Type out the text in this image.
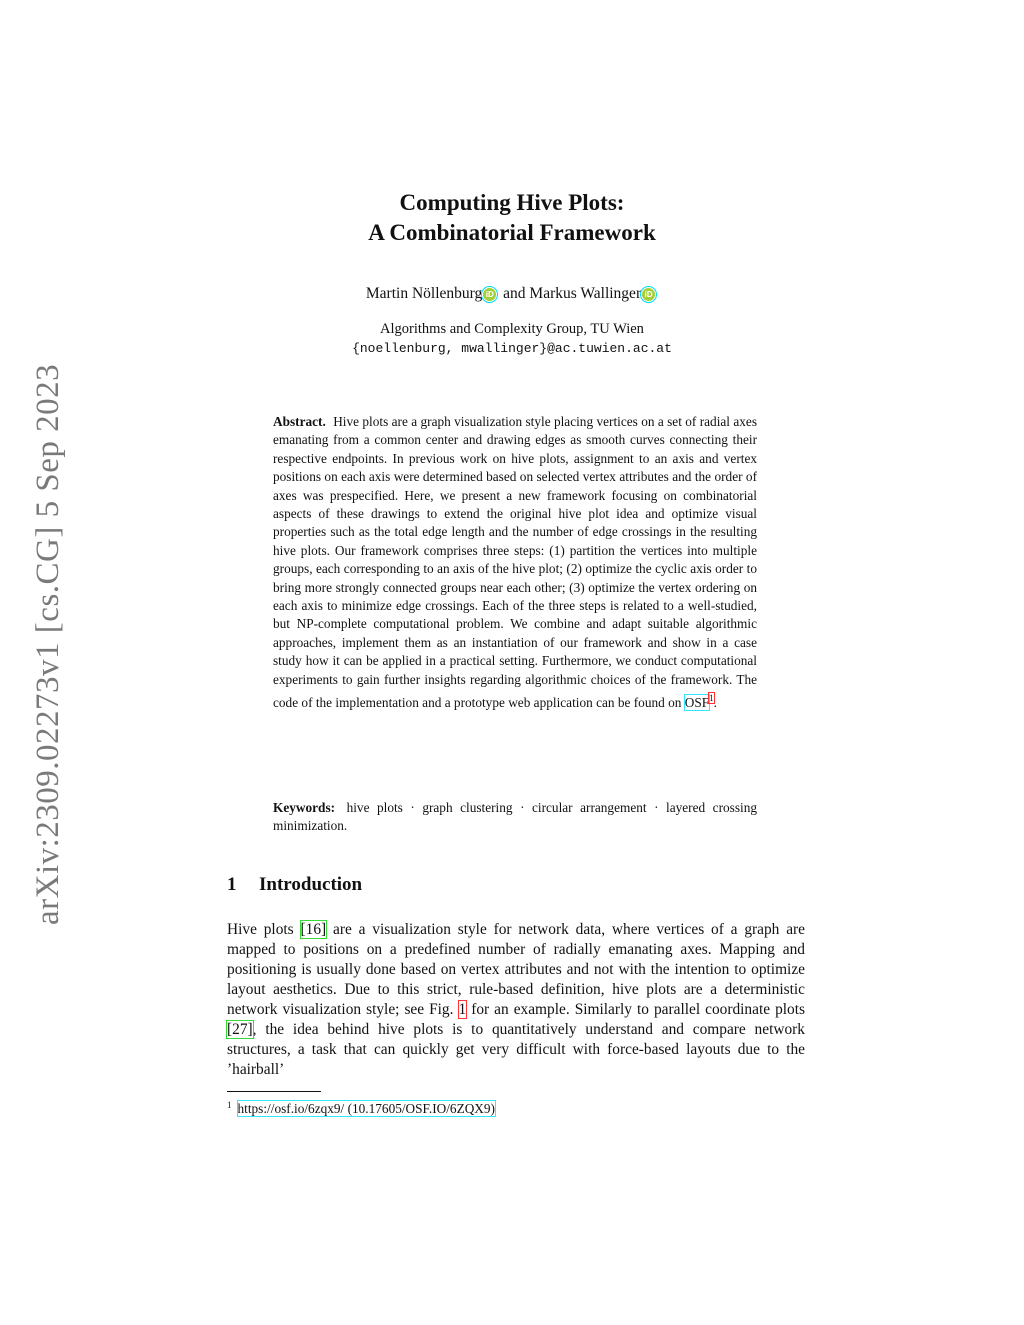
arXiv:2309.02273v1 [cs.CG] 5 Sep 2023
Computing Hive Plots:
A Combinatorial Framework
Martin Nöllenburg iD and Markus Wallinger iD
Algorithms and Complexity Group, TU Wien
{noellenburg, mwallinger}@ac.tuwien.ac.at
Abstract. Hive plots are a graph visualization style placing vertices on a set of radial axes emanating from a common center and drawing edges as smooth curves connecting their respective endpoints. In previous work on hive plots, assignment to an axis and vertex positions on each axis were determined based on selected vertex attributes and the order of axes was prespecified. Here, we present a new framework focusing on combinatorial aspects of these drawings to extend the original hive plot idea and optimize visual properties such as the total edge length and the number of edge crossings in the resulting hive plots. Our framework comprises three steps: (1) partition the vertices into multiple groups, each corresponding to an axis of the hive plot; (2) optimize the cyclic axis order to bring more strongly connected groups near each other; (3) optimize the vertex ordering on each axis to minimize edge crossings. Each of the three steps is related to a well-studied, but NP-complete computational problem. We combine and adapt suitable algorithmic approaches, implement them as an instantiation of our framework and show in a case study how it can be applied in a practical setting. Furthermore, we conduct computational experiments to gain further insights regarding algorithmic choices of the framework. The code of the implementation and a prototype web application can be found on OSF$^1$.
Keywords: hive plots · graph clustering · circular arrangement · layered crossing minimization.
1 Introduction
Hive plots [16] are a visualization style for network data, where vertices of a graph are mapped to positions on a predefined number of radially emanating axes. Mapping and positioning is usually done based on vertex attributes and not with the intention to optimize layout aesthetics. Due to this strict, rule-based definition, hive plots are a deterministic network visualization style; see Fig. 1 for an example. Similarly to parallel coordinate plots [27], the idea behind hive plots is to quantitatively understand and compare network structures, a task that can quickly get very difficult with force-based layouts due to the ’hairball’
$^1$ https://osf.io/6zqx9/ (10.17605/OSF.IO/6ZQX9)
